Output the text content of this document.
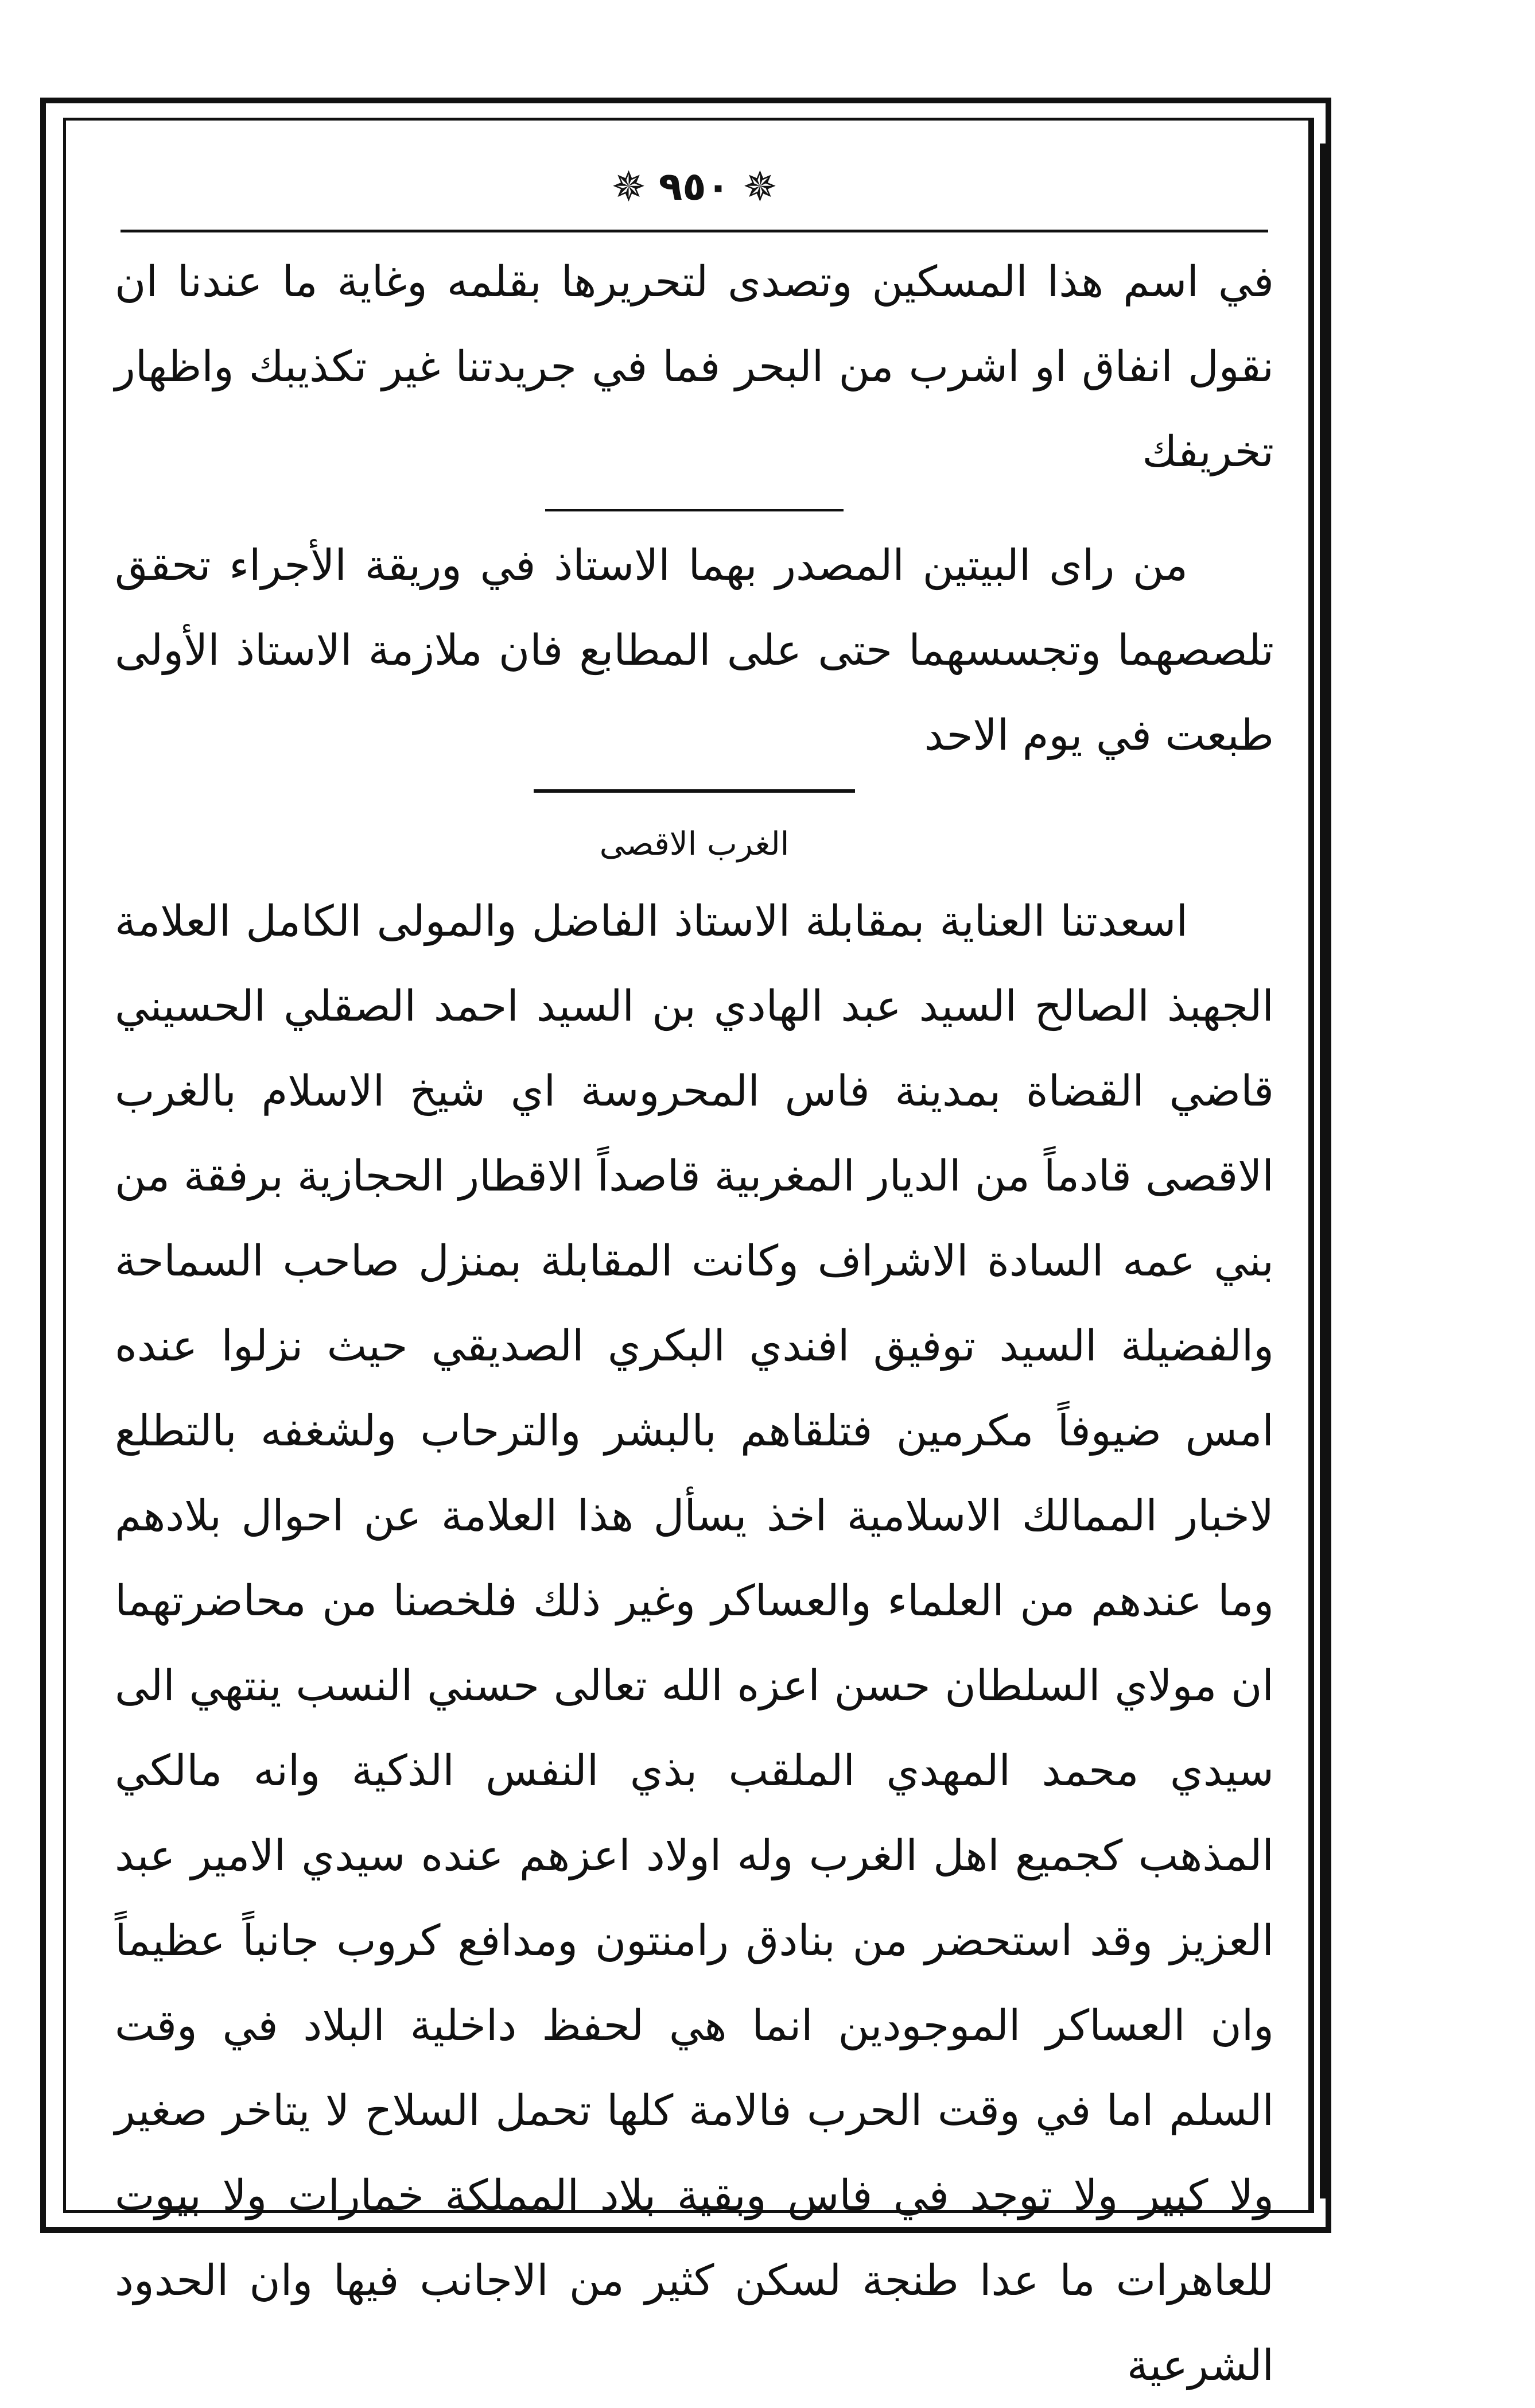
✵
٩٥٠
✵

في اسم هذا المسكين وتصدى لتحريرها بقلمه وغاية ما عندنا ان نقول انفاق او اشرب من البحر فما في جريدتنا غير تكذيبك واظهار تخريفك

من راى البيتين المصدر بهما الاستاذ في وريقة الأجراء تحقق تلصصهما وتجسسهما حتى على المطابع فان ملازمة الاستاذ الأولى طبعت في يوم الاحد

الغرب الاقصى

اسعدتنا العناية بمقابلة الاستاذ الفاضل والمولى الكامل العلامة الجهبذ الصالح السيد عبد الهادي بن السيد احمد الصقلي الحسيني قاضي القضاة بمدينة فاس المحروسة اي شيخ الاسلام بالغرب الاقصى قادماً من الديار المغربية قاصداً الاقطار الحجازية برفقة من بني عمه السادة الاشراف وكانت المقابلة بمنزل صاحب السماحة والفضيلة السيد توفيق افندي البكري الصديقي حيث نزلوا عنده امس ضيوفاً مكرمين فتلقاهم بالبشر والترحاب ولشغفه بالتطلع لاخبار الممالك الاسلامية اخذ يسأل هذا العلامة عن احوال بلادهم وما عندهم من العلماء والعساكر وغير ذلك فلخصنا من محاضرتهما ان مولاي السلطان حسن اعزه الله تعالى حسني النسب ينتهي الى سيدي محمد المهدي الملقب بذي النفس الذكية وانه مالكي المذهب كجميع اهل الغرب وله اولاد اعزهم عنده سيدي الامير عبد العزيز وقد استحضر من بنادق رامنتون ومدافع كروب جانباً عظيماً وان العساكر الموجودين انما هي لحفظ داخلية البلاد في وقت السلم اما في وقت الحرب فالامة كلها تحمل السلاح لا يتاخر صغير ولا كبير ولا توجد في فاس وبقية بلاد المملكة خمارات ولا بيوت للعاهرات ما عدا طنجة لسكن كثير من الاجانب فيها وان الحدود الشرعية
